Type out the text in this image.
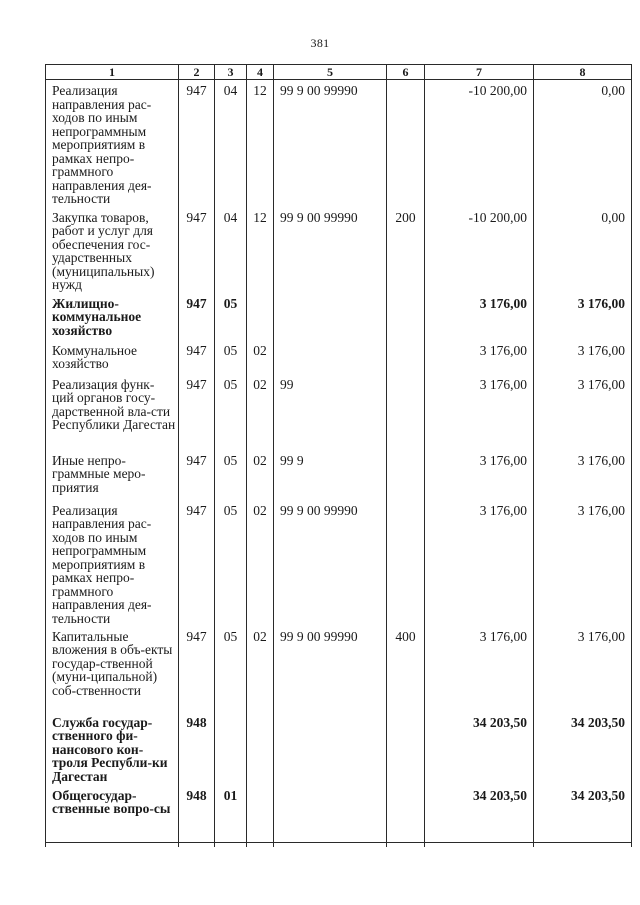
381
1	2	3	4	5	6	7	8
Реализация направления рас-ходов по иным непрограммным мероприятиям в рамках непро-граммного направления дея-тельности	947	04	12	99 9 00 99990		-10 200,00	0,00
Закупка товаров, работ и услуг для обеспечения гос-ударственных (муниципальных) нужд	947	04	12	99 9 00 99990	200	-10 200,00	0,00
Жилищно-коммунальное хозяйство	947	05				3 176,00	3 176,00
Коммунальное хозяйство	947	05	02			3 176,00	3 176,00
Реализация функ-ций органов госу-дарственной вла-сти Республики Дагестан	947	05	02	99		3 176,00	3 176,00
Иные непро-граммные меро-приятия	947	05	02	99 9		3 176,00	3 176,00
Реализация направления рас-ходов по иным непрограммным мероприятиям в рамках непро-граммного направления дея-тельности	947	05	02	99 9 00 99990		3 176,00	3 176,00
Капитальные вложения в объ-екты государ-ственной (муни-ципальной) соб-ственности	947	05	02	99 9 00 99990	400	3 176,00	3 176,00
Служба государ-ственного фи-нансового кон-троля Республи-ки Дагестан	948					34 203,50	34 203,50
Общегосудар-ственные вопро-сы	948	01				34 203,50	34 203,50
